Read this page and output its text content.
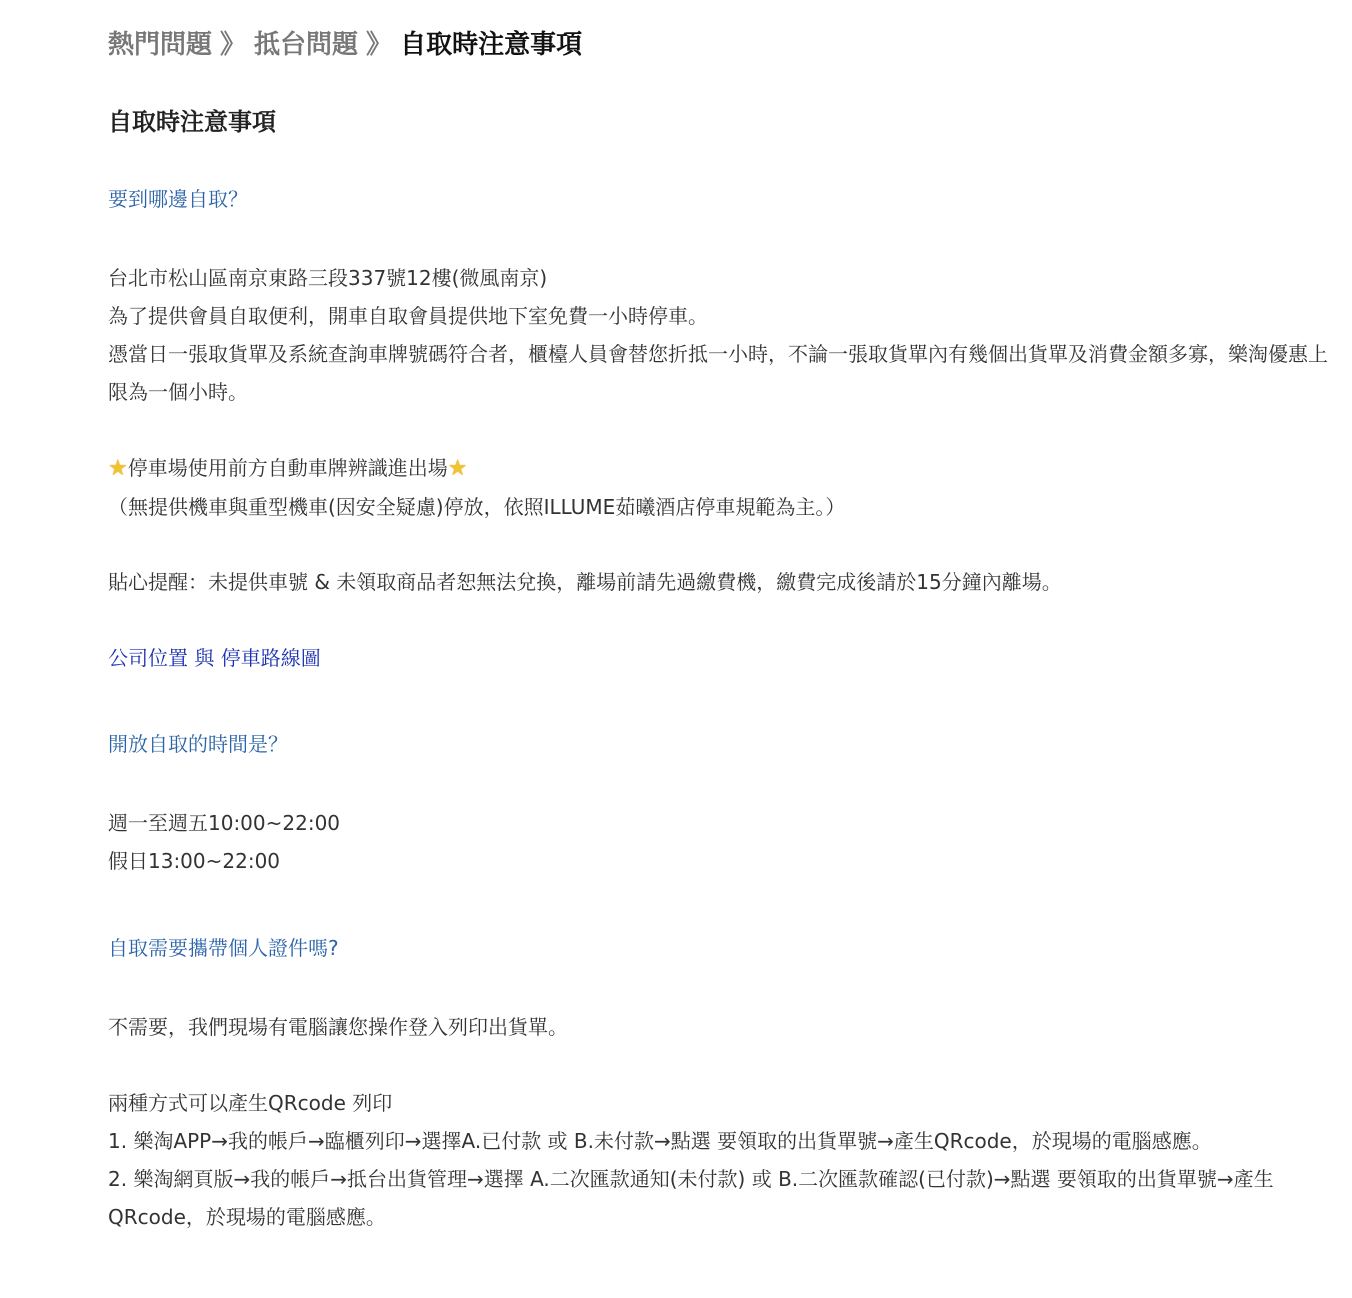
熱門問題 》 抵台問題 》 自取時注意事項
自取時注意事項
要到哪邊自取？
台北市松山區南京東路三段337號12樓(微風南京)
為了提供會員自取便利，開車自取會員提供地下室免費一小時停車。
憑當日一張取貨單及系統查詢車牌號碼符合者，櫃檯人員會替您折抵一小時，不論一張取貨單內有幾個出貨單及消費金額多寡，樂淘優惠上限為一個小時。
★停車場使用前方自動車牌辨識進出場★
（無提供機車與重型機車(因安全疑慮)停放，依照ILLUME茹曦酒店停車規範為主。）
貼心提醒：未提供車號 & 未領取商品者恕無法兌換，離場前請先過繳費機，繳費完成後請於15分鐘內離場。
公司位置 與 停車路線圖
開放自取的時間是？
週一至週五10:00~22:00
假日13:00~22:00
自取需要攜帶個人證件嗎?
不需要，我們現場有電腦讓您操作登入列印出貨單。
兩種方式可以產生QRcode 列印
1. 樂淘APP→我的帳戶→臨櫃列印→選擇A.已付款 或 B.未付款→點選 要領取的出貨單號→產生QRcode，於現場的電腦感應。
2. 樂淘網頁版→我的帳戶→抵台出貨管理→選擇 A.二次匯款通知(未付款) 或 B.二次匯款確認(已付款)→點選 要領取的出貨單號→產生QRcode，於現場的電腦感應。
